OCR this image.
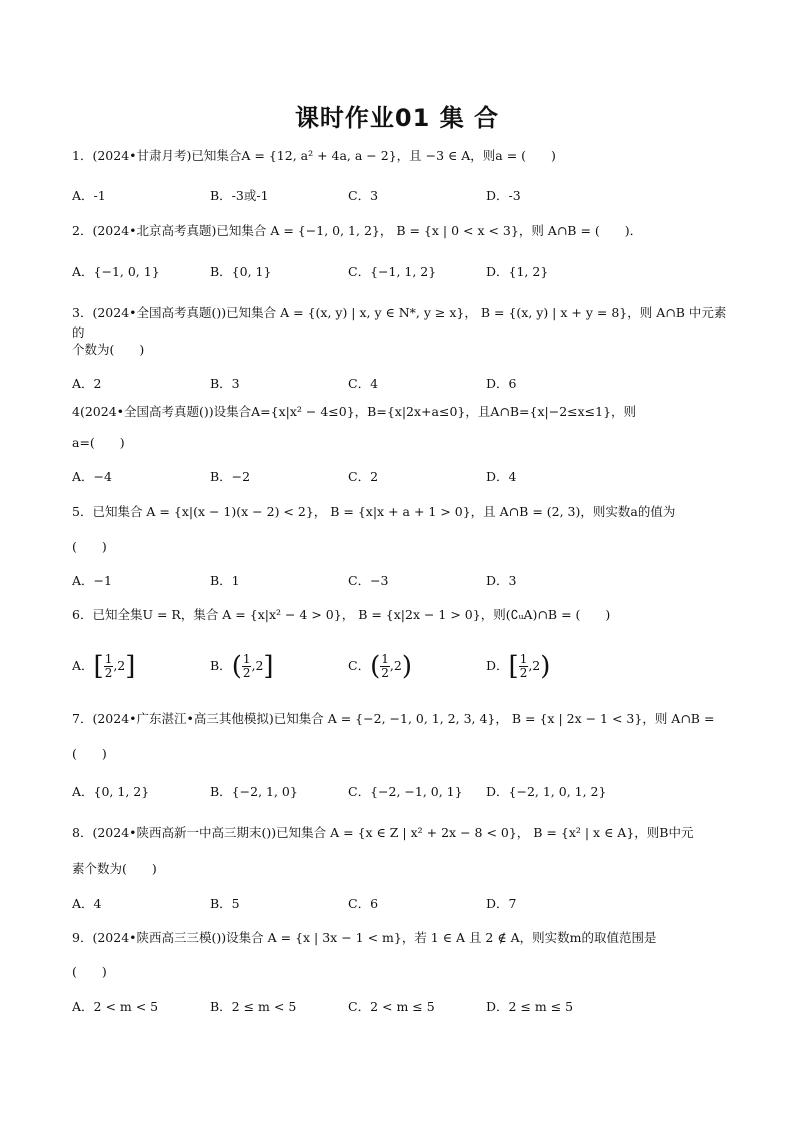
课时作业01 集 合
1．(2024•甘肃月考)已知集合A = {12, a² + 4a, a − 2}，且 −3 ∈ A，则a = (　　)
A．-1	B．-3或-1	C．3	D．-3
2．(2024•北京高考真题)已知集合 A = {−1, 0, 1, 2}， B = {x | 0 < x < 3}，则 A∩B = (　　)．
A．{−1, 0, 1}	B．{0, 1}	C．{−1, 1, 2}	D．{1, 2}
3．(2024•全国高考真题())已知集合 A = {(x, y) | x, y ∈ N*, y ≥ x}， B = {(x, y) | x + y = 8}，则 A∩B 中元素的
个数为(　　)
A．2	B．3	C．4	D．6
4(2024•全国高考真题())设集合A={x|x² − 4≤0}，B={x|2x+a≤0}，且A∩B={x|−2≤x≤1}，则
a=(　　)
A．−4	B．−2	C．2	D．4
5．已知集合 A = {x|(x − 1)(x − 2) < 2}， B = {x|x + a + 1 > 0}，且 A∩B = (2, 3)，则实数a的值为
(　　)
A．−1	B．1	C．−3	D．3
6．已知全集U = R，集合 A = {x|x² − 4 > 0}， B = {x|2x − 1 > 0}，则(∁ᵤA)∩B = (　　)
A．[ $\frac{1}{2} ,2$]	B．( $\frac{1}{2} ,2$]	C．( $\frac{1}{2} ,2$)	D．[ $\frac{1}{2} ,2$)
7．(2024•广东湛江•高三其他模拟)已知集合 A = {−2, −1, 0, 1, 2, 3, 4}， B = {x | 2x − 1 < 3}，则 A∩B =
(　　)
A．{0, 1, 2}	B．{−2, 1, 0}	C．{−2, −1, 0, 1} D．{−2, 1, 0, 1, 2}
8．(2024•陕西高新一中高三期末())已知集合 A = {x ∈ Z | x² + 2x − 8 < 0}， B = {x² | x ∈ A}，则B中元
素个数为(　　)
A．4	B．5	C．6	D．7
9．(2024•陕西高三三模())设集合 A = {x | 3x − 1 < m}，若 1 ∈ A 且 2 ∉ A，则实数m的取值范围是
(　　)
A．2 < m < 5	B．2 ≤ m < 5	C．2 < m ≤ 5	D．2 ≤ m ≤ 5
